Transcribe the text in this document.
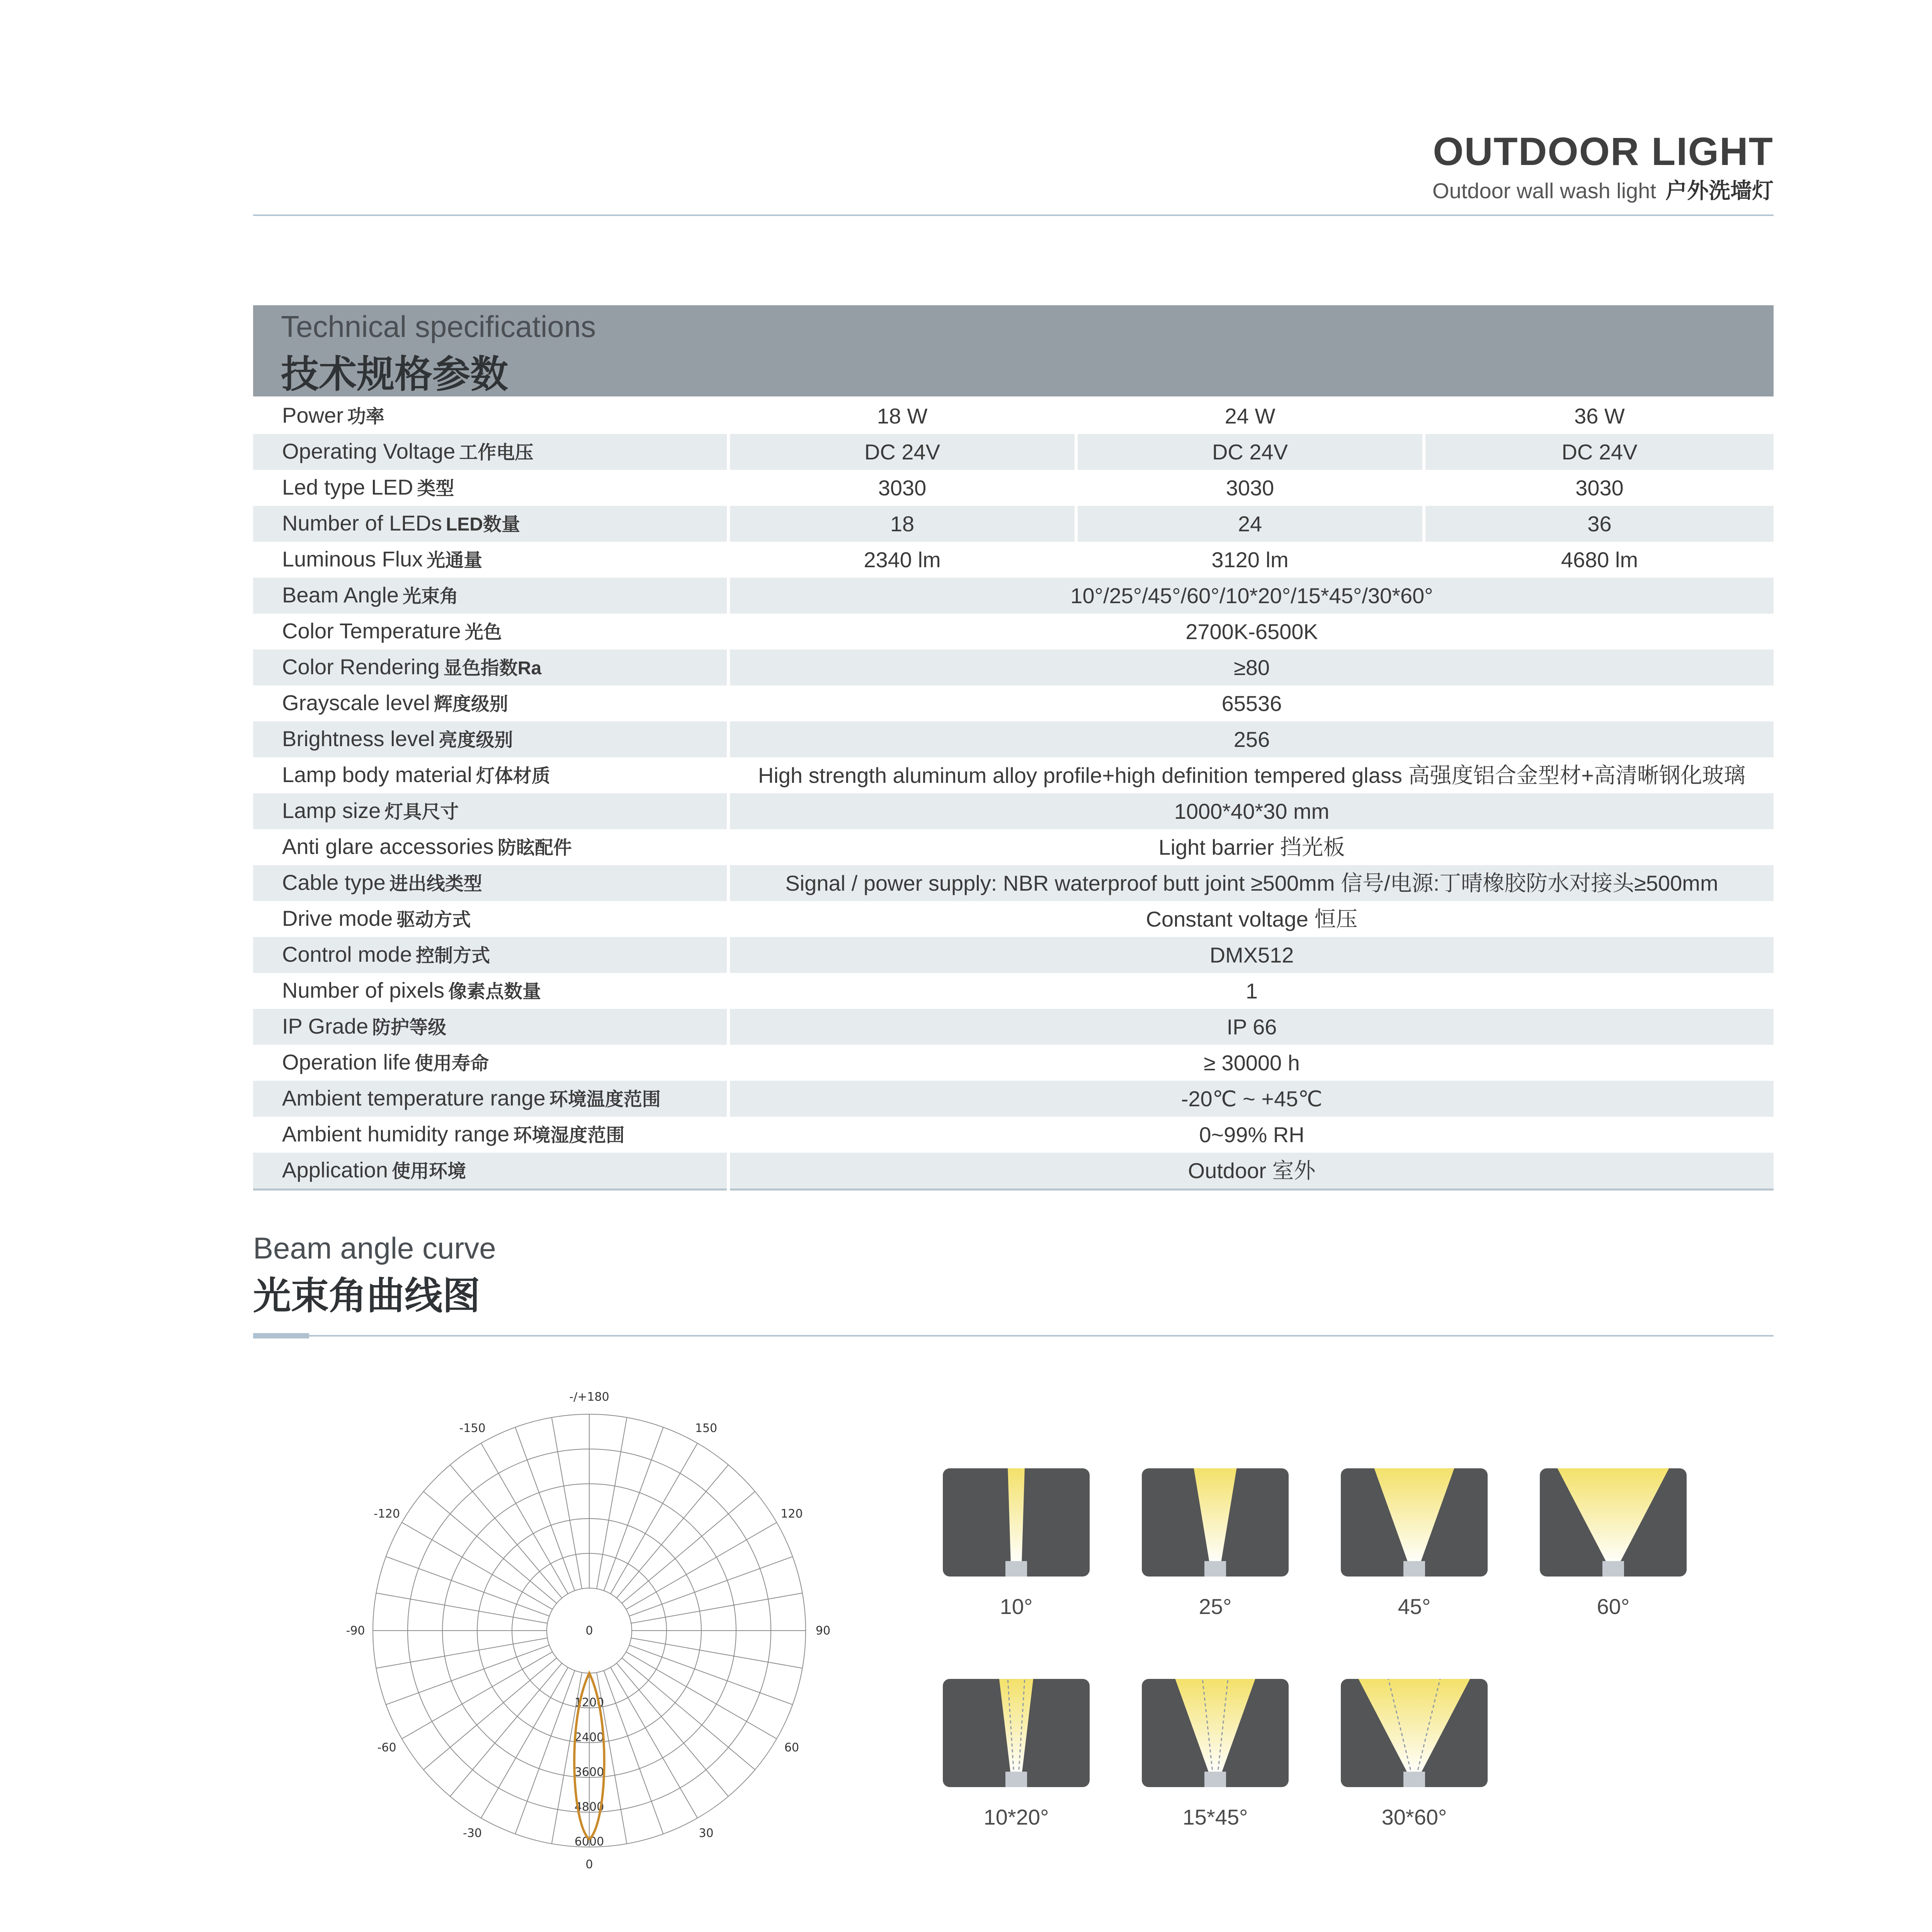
OUTDOOR LIGHT
Outdoor wall wash light 户外洗墙灯
Technical specifications
技术规格参数
Power 功率	18 W	24 W	36 W
Operating Voltage 工作电压	DC 24V	DC 24V	DC 24V
Led type LED 类型	3030	3030	3030
Number of LEDs LED数量	18	24	36
Luminous Flux 光通量	2340 lm	3120 lm	4680 lm
Beam Angle 光束角	10°/25°/45°/60°/10*20°/15*45°/30*60°		
Color Temperature 光色	2700K-6500K		
Color Rendering 显色指数Ra	≥80		
Grayscale level 辉度级别	65536		
Brightness level 亮度级别	256		
Lamp body material 灯体材质	High strength aluminum alloy profile+high definition tempered glass 高强度铝合金型材+高清晰钢化玻璃		
Lamp size 灯具尺寸	1000*40*30 mm		
Anti glare accessories 防眩配件	Light barrier 挡光板		
Cable type 进出线类型	Signal / power supply: NBR waterproof butt joint ≥500mm 信号/电源:丁晴橡胶防水对接头≥500mm		
Drive mode 驱动方式	Constant voltage 恒压		
Control mode 控制方式	DMX512		
Number of pixels 像素点数量	1		
IP Grade 防护等级	IP 66		
Operation life 使用寿命	≥ 30000 h		
Ambient temperature range 环境温度范围	-20℃ ~ +45℃		
Ambient humidity range 环境湿度范围	0~99% RH		
Application 使用环境	Outdoor 室外		
Beam angle curve
光束角曲线图
1200
2400
3600
4800
6000
0
-/+180
150
-150
120
-120
90
-90
60
-60
30
-30
0
10°	25°	45°	60°
10*20°	15*45°	30*60°
